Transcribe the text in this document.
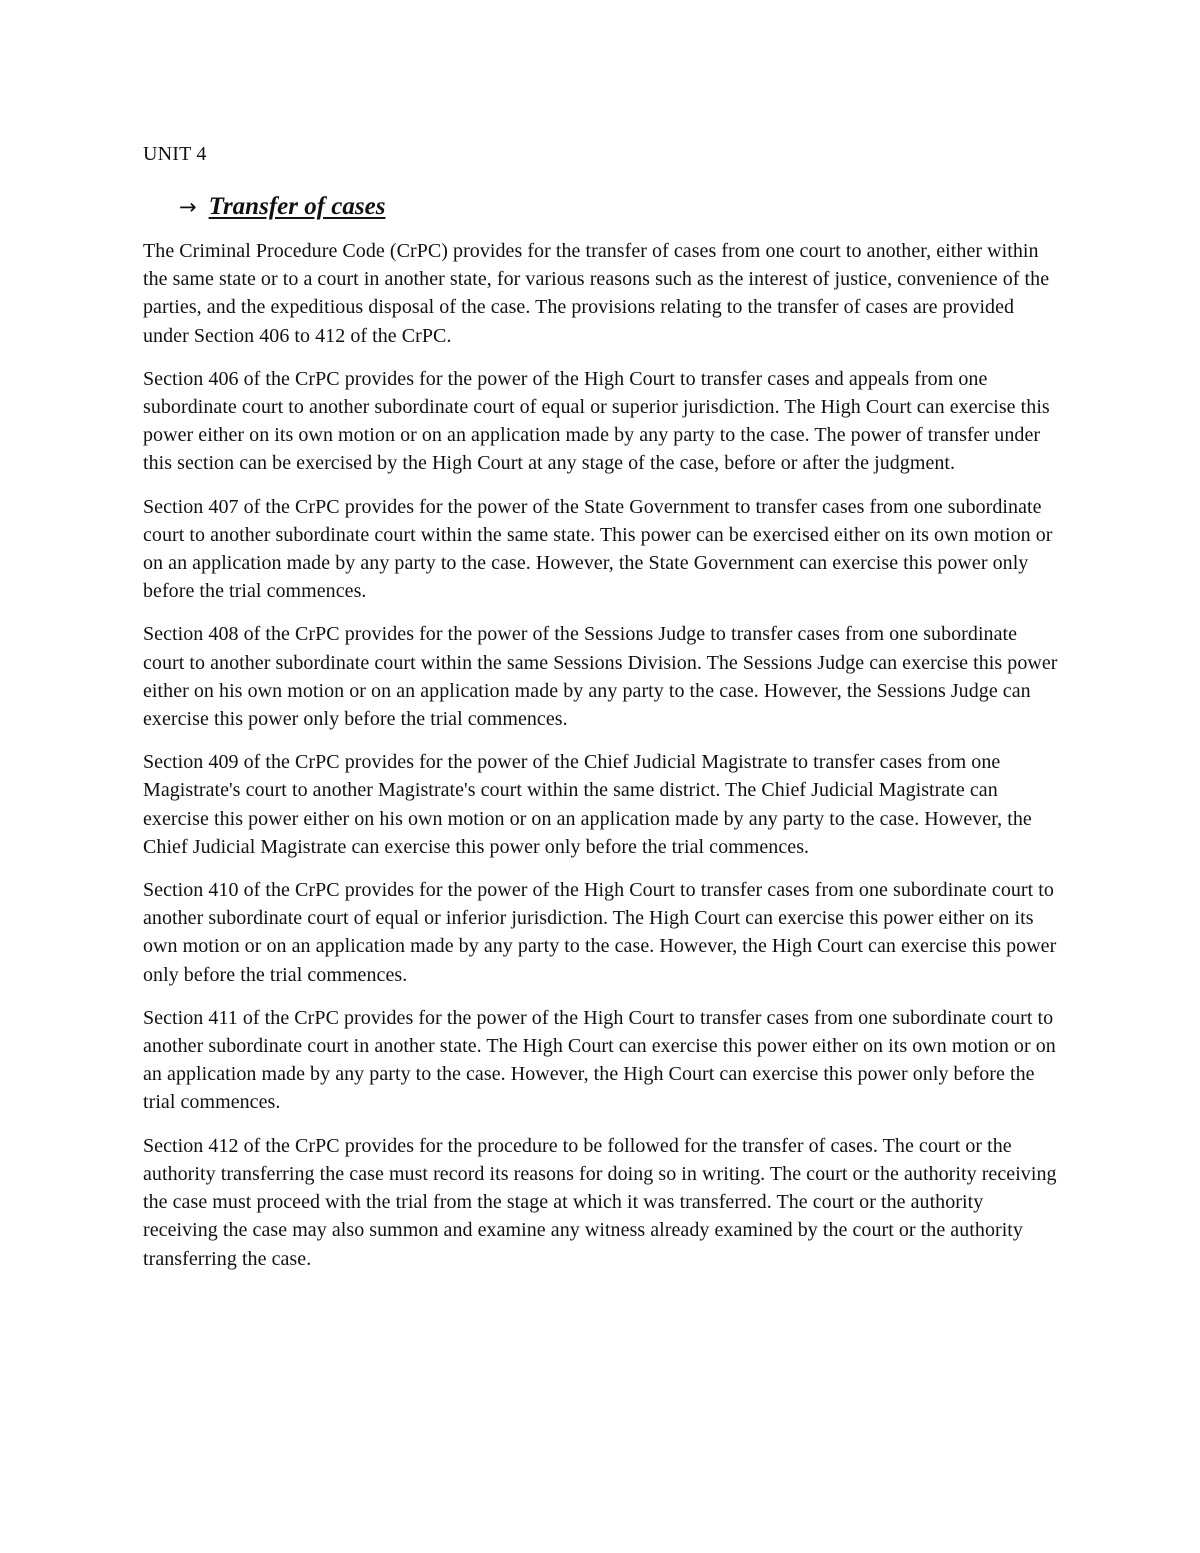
UNIT 4
→ Transfer of cases

The Criminal Procedure Code (CrPC) provides for the transfer of cases from one court to another, either within the same state or to a court in another state, for various reasons such as the interest of justice, convenience of the parties, and the expeditious disposal of the case. The provisions relating to the transfer of cases are provided under Section 406 to 412 of the CrPC.

Section 406 of the CrPC provides for the power of the High Court to transfer cases and appeals from one subordinate court to another subordinate court of equal or superior jurisdiction. The High Court can exercise this power either on its own motion or on an application made by any party to the case. The power of transfer under this section can be exercised by the High Court at any stage of the case, before or after the judgment.

Section 407 of the CrPC provides for the power of the State Government to transfer cases from one subordinate court to another subordinate court within the same state. This power can be exercised either on its own motion or on an application made by any party to the case. However, the State Government can exercise this power only before the trial commences.

Section 408 of the CrPC provides for the power of the Sessions Judge to transfer cases from one subordinate court to another subordinate court within the same Sessions Division. The Sessions Judge can exercise this power either on his own motion or on an application made by any party to the case. However, the Sessions Judge can exercise this power only before the trial commences.

Section 409 of the CrPC provides for the power of the Chief Judicial Magistrate to transfer cases from one Magistrate's court to another Magistrate's court within the same district. The Chief Judicial Magistrate can exercise this power either on his own motion or on an application made by any party to the case. However, the Chief Judicial Magistrate can exercise this power only before the trial commences.

Section 410 of the CrPC provides for the power of the High Court to transfer cases from one subordinate court to another subordinate court of equal or inferior jurisdiction. The High Court can exercise this power either on its own motion or on an application made by any party to the case. However, the High Court can exercise this power only before the trial commences.

Section 411 of the CrPC provides for the power of the High Court to transfer cases from one subordinate court to another subordinate court in another state. The High Court can exercise this power either on its own motion or on an application made by any party to the case. However, the High Court can exercise this power only before the trial commences.

Section 412 of the CrPC provides for the procedure to be followed for the transfer of cases. The court or the authority transferring the case must record its reasons for doing so in writing. The court or the authority receiving the case must proceed with the trial from the stage at which it was transferred. The court or the authority receiving the case may also summon and examine any witness already examined by the court or the authority transferring the case.
